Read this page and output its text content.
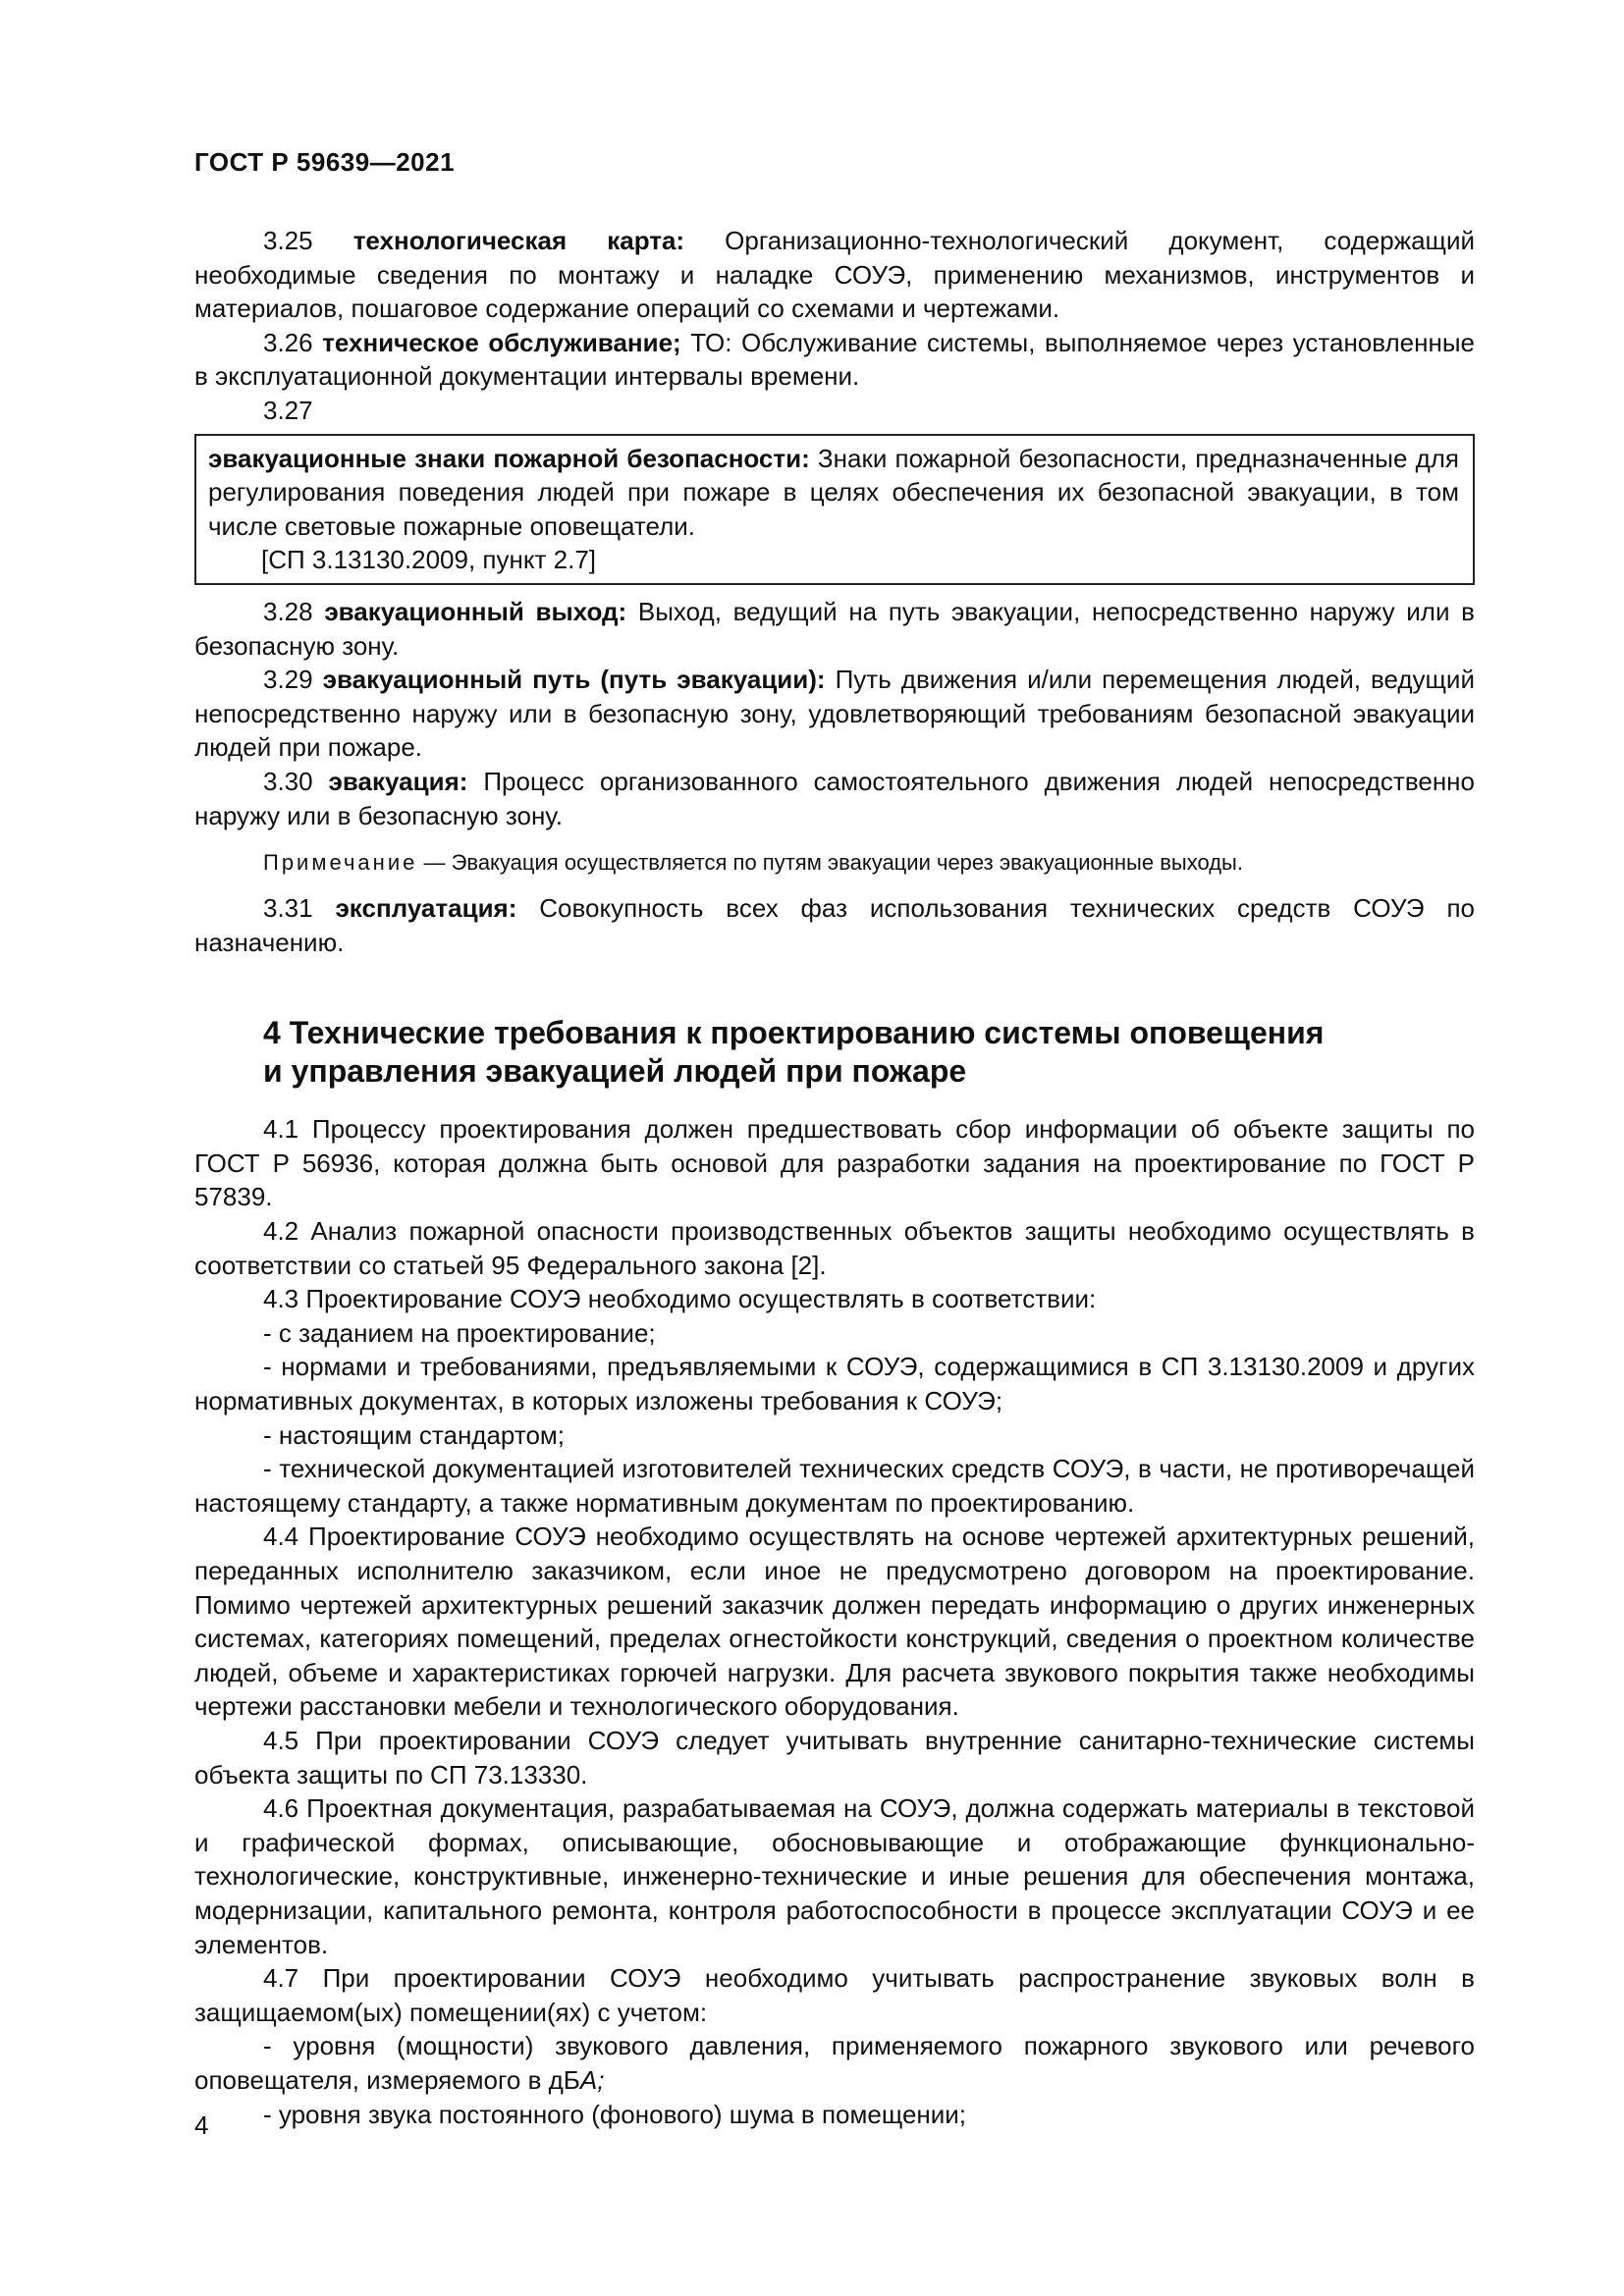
ГОСТ Р 59639—2021

3.25 технологическая карта: Организационно-технологический документ, содержащий необходимые сведения по монтажу и наладке СОУЭ, применению механизмов, инструментов и материалов, пошаговое содержание операций со схемами и чертежами.

3.26 техническое обслуживание; ТО: Обслуживание системы, выполняемое через установленные в эксплуатационной документации интервалы времени.

3.27

эвакуационные знаки пожарной безопасности: Знаки пожарной безопасности, предназначенные для регулирования поведения людей при пожаре в целях обеспечения их безопасной эвакуации, в том числе световые пожарные оповещатели.

[СП 3.13130.2009, пункт 2.7]

3.28 эвакуационный выход: Выход, ведущий на путь эвакуации, непосредственно наружу или в безопасную зону.

3.29 эвакуационный путь (путь эвакуации): Путь движения и/или перемещения людей, ведущий непосредственно наружу или в безопасную зону, удовлетворяющий требованиям безопасной эвакуации людей при пожаре.

3.30 эвакуация: Процесс организованного самостоятельного движения людей непосредственно наружу или в безопасную зону.

Примечание — Эвакуация осуществляется по путям эвакуации через эвакуационные выходы.

3.31 эксплуатация: Совокупность всех фаз использования технических средств СОУЭ по назначению.

4 Технические требования к проектированию системы оповещения
и управления эвакуацией людей при пожаре

4.1 Процессу проектирования должен предшествовать сбор информации об объекте защиты по ГОСТ Р 56936, которая должна быть основой для разработки задания на проектирование по ГОСТ Р 57839.

4.2 Анализ пожарной опасности производственных объектов защиты необходимо осуществлять в соответствии со статьей 95 Федерального закона [2].

4.3 Проектирование СОУЭ необходимо осуществлять в соответствии:

- с заданием на проектирование;

- нормами и требованиями, предъявляемыми к СОУЭ, содержащимися в СП 3.13130.2009 и других нормативных документах, в которых изложены требования к СОУЭ;

- настоящим стандартом;

- технической документацией изготовителей технических средств СОУЭ, в части, не противоречащей настоящему стандарту, а также нормативным документам по проектированию.

4.4 Проектирование СОУЭ необходимо осуществлять на основе чертежей архитектурных решений, переданных исполнителю заказчиком, если иное не предусмотрено договором на проектирование. Помимо чертежей архитектурных решений заказчик должен передать информацию о других инженерных системах, категориях помещений, пределах огнестойкости конструкций, сведения о проектном количестве людей, объеме и характеристиках горючей нагрузки. Для расчета звукового покрытия также необходимы чертежи расстановки мебели и технологического оборудования.

4.5 При проектировании СОУЭ следует учитывать внутренние санитарно-технические системы объекта защиты по СП 73.13330.

4.6 Проектная документация, разрабатываемая на СОУЭ, должна содержать материалы в текстовой и графической формах, описывающие, обосновывающие и отображающие функционально-технологические, конструктивные, инженерно-технические и иные решения для обеспечения монтажа, модернизации, капитального ремонта, контроля работоспособности в процессе эксплуатации СОУЭ и ее элементов.

4.7 При проектировании СОУЭ необходимо учитывать распространение звуковых волн в защищаемом(ых) помещении(ях) с учетом:

- уровня (мощности) звукового давления, применяемого пожарного звукового или речевого оповещателя, измеряемого в дБА;

- уровня звука постоянного (фонового) шума в помещении;

4
